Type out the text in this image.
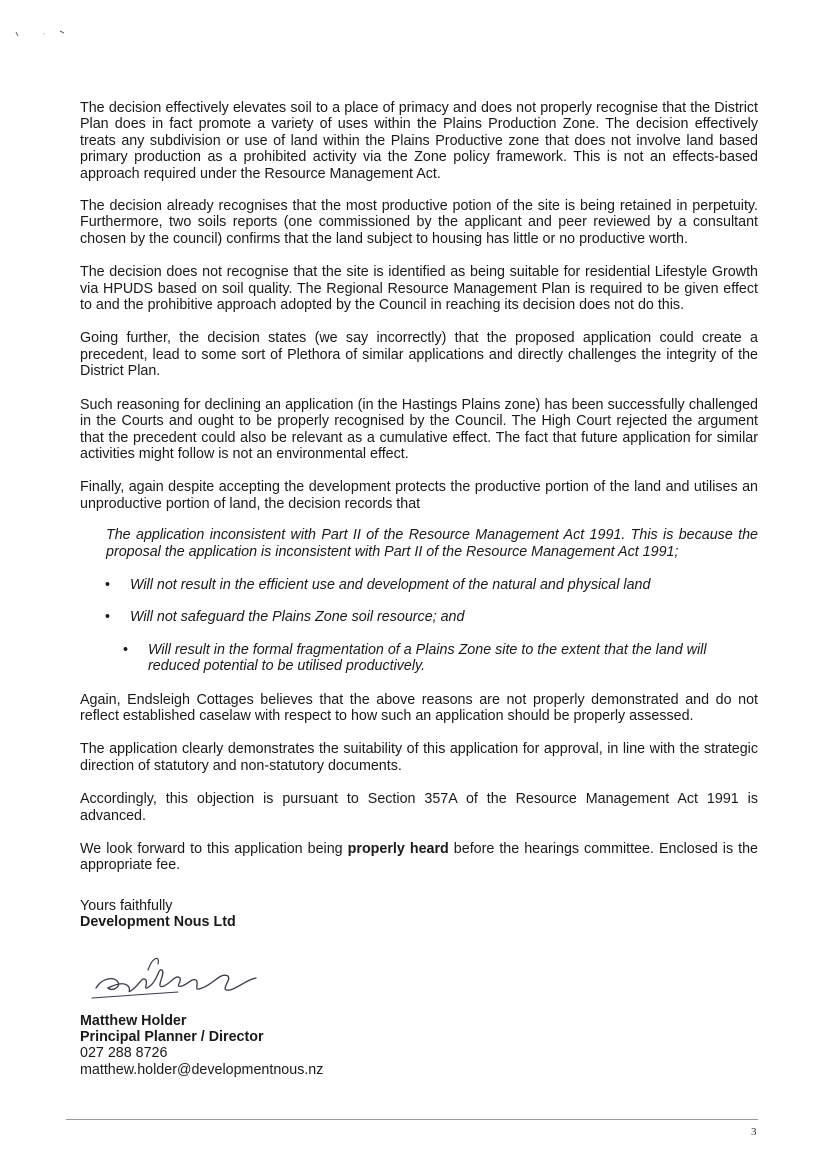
The decision effectively elevates soil to a place of primacy and does not properly recognise that the District Plan does in fact promote a variety of uses within the Plains Production Zone. The decision effectively treats any subdivision or use of land within the Plains Productive zone that does not involve land based primary production as a prohibited activity via the Zone policy framework. This is not an effects-based approach required under the Resource Management Act.

The decision already recognises that the most productive potion of the site is being retained in perpetuity. Furthermore, two soils reports (one commissioned by the applicant and peer reviewed by a consultant chosen by the council) confirms that the land subject to housing has little or no productive worth.

The decision does not recognise that the site is identified as being suitable for residential Lifestyle Growth via HPUDS based on soil quality. The Regional Resource Management Plan is required to be given effect to and the prohibitive approach adopted by the Council in reaching its decision does not do this.

Going further, the decision states (we say incorrectly) that the proposed application could create a precedent, lead to some sort of Plethora of similar applications and directly challenges the integrity of the District Plan.

Such reasoning for declining an application (in the Hastings Plains zone) has been successfully challenged in the Courts and ought to be properly recognised by the Council. The High Court rejected the argument that the precedent could also be relevant as a cumulative effect. The fact that future application for similar activities might follow is not an environmental effect.

Finally, again despite accepting the development protects the productive portion of the land and utilises an unproductive portion of land, the decision records that

The application inconsistent with Part II of the Resource Management Act 1991. This is because the proposal the application is inconsistent with Part II of the Resource Management Act 1991;

• Will not result in the efficient use and development of the natural and physical land
• Will not safeguard the Plains Zone soil resource; and
• Will result in the formal fragmentation of a Plains Zone site to the extent that the land will reduced potential to be utilised productively.

Again, Endsleigh Cottages believes that the above reasons are not properly demonstrated and do not reflect established caselaw with respect to how such an application should be properly assessed.

The application clearly demonstrates the suitability of this application for approval, in line with the strategic direction of statutory and non-statutory documents.

Accordingly, this objection is pursuant to Section 357A of the Resource Management Act 1991 is advanced.

We look forward to this application being properly heard before the hearings committee. Enclosed is the appropriate fee.

Yours faithfully
Development Nous Ltd
Matthew Holder
Principal Planner / Director
027 288 8726
matthew.holder@developmentnous.nz
3
